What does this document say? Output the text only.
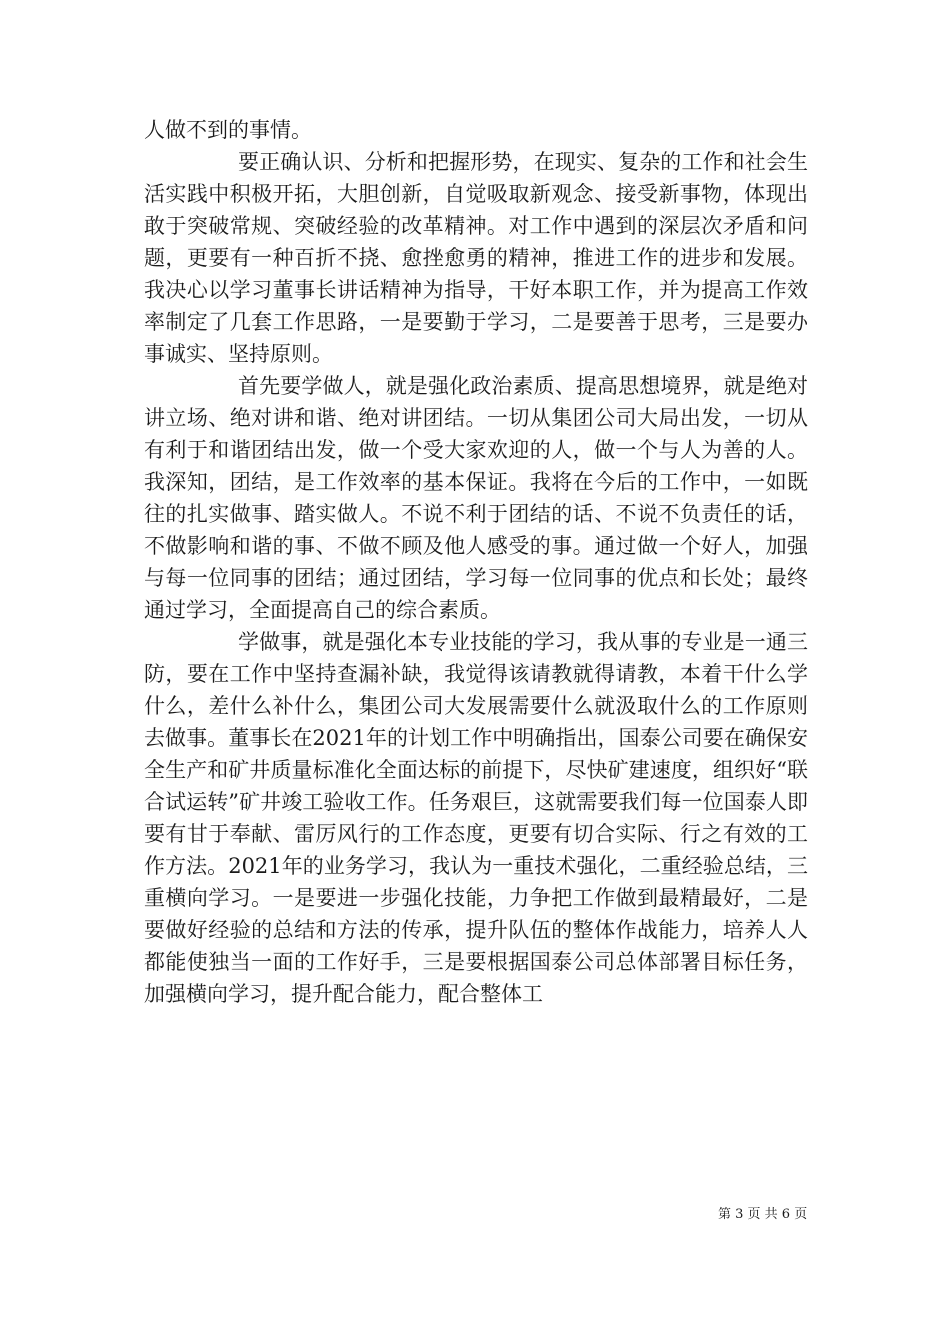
人做不到的事情。

要正确认识、分析和把握形势，在现实、复杂的工作和社会生活实践中积极开拓，大胆创新，自觉吸取新观念、接受新事物，体现出敢于突破常规、突破经验的改革精神。对工作中遇到的深层次矛盾和问题，更要有一种百折不挠、愈挫愈勇的精神，推进工作的进步和发展。我决心以学习董事长讲话精神为指导，干好本职工作，并为提高工作效率制定了几套工作思路，一是要勤于学习，二是要善于思考，三是要办事诚实、坚持原则。

首先要学做人，就是强化政治素质、提高思想境界，就是绝对讲立场、绝对讲和谐、绝对讲团结。一切从集团公司大局出发，一切从有利于和谐团结出发，做一个受大家欢迎的人，做一个与人为善的人。我深知，团结，是工作效率的基本保证。我将在今后的工作中，一如既往的扎实做事、踏实做人。不说不利于团结的话、不说不负责任的话，不做影响和谐的事、不做不顾及他人感受的事。通过做一个好人，加强与每一位同事的团结；通过团结，学习每一位同事的优点和长处；最终通过学习，全面提高自己的综合素质。

学做事，就是强化本专业技能的学习，我从事的专业是一通三防，要在工作中坚持查漏补缺，我觉得该请教就得请教，本着干什么学什么，差什么补什么，集团公司大发展需要什么就汲取什么的工作原则去做事。董事长在2021年的计划工作中明确指出，国泰公司要在确保安全生产和矿井质量标准化全面达标的前提下，尽快矿建速度，组织好“联合试运转”矿井竣工验收工作。任务艰巨，这就需要我们每一位国泰人即要有甘于奉献、雷厉风行的工作态度，更要有切合实际、行之有效的工作方法。2021年的业务学习，我认为一重技术强化，二重经验总结，三重横向学习。一是要进一步强化技能，力争把工作做到最精最好，二是要做好经验的总结和方法的传承，提升队伍的整体作战能力，培养人人都能使独当一面的工作好手，三是要根据国泰公司总体部署目标任务，加强横向学习，提升配合能力，配合整体工

第 3 页 共 6 页
